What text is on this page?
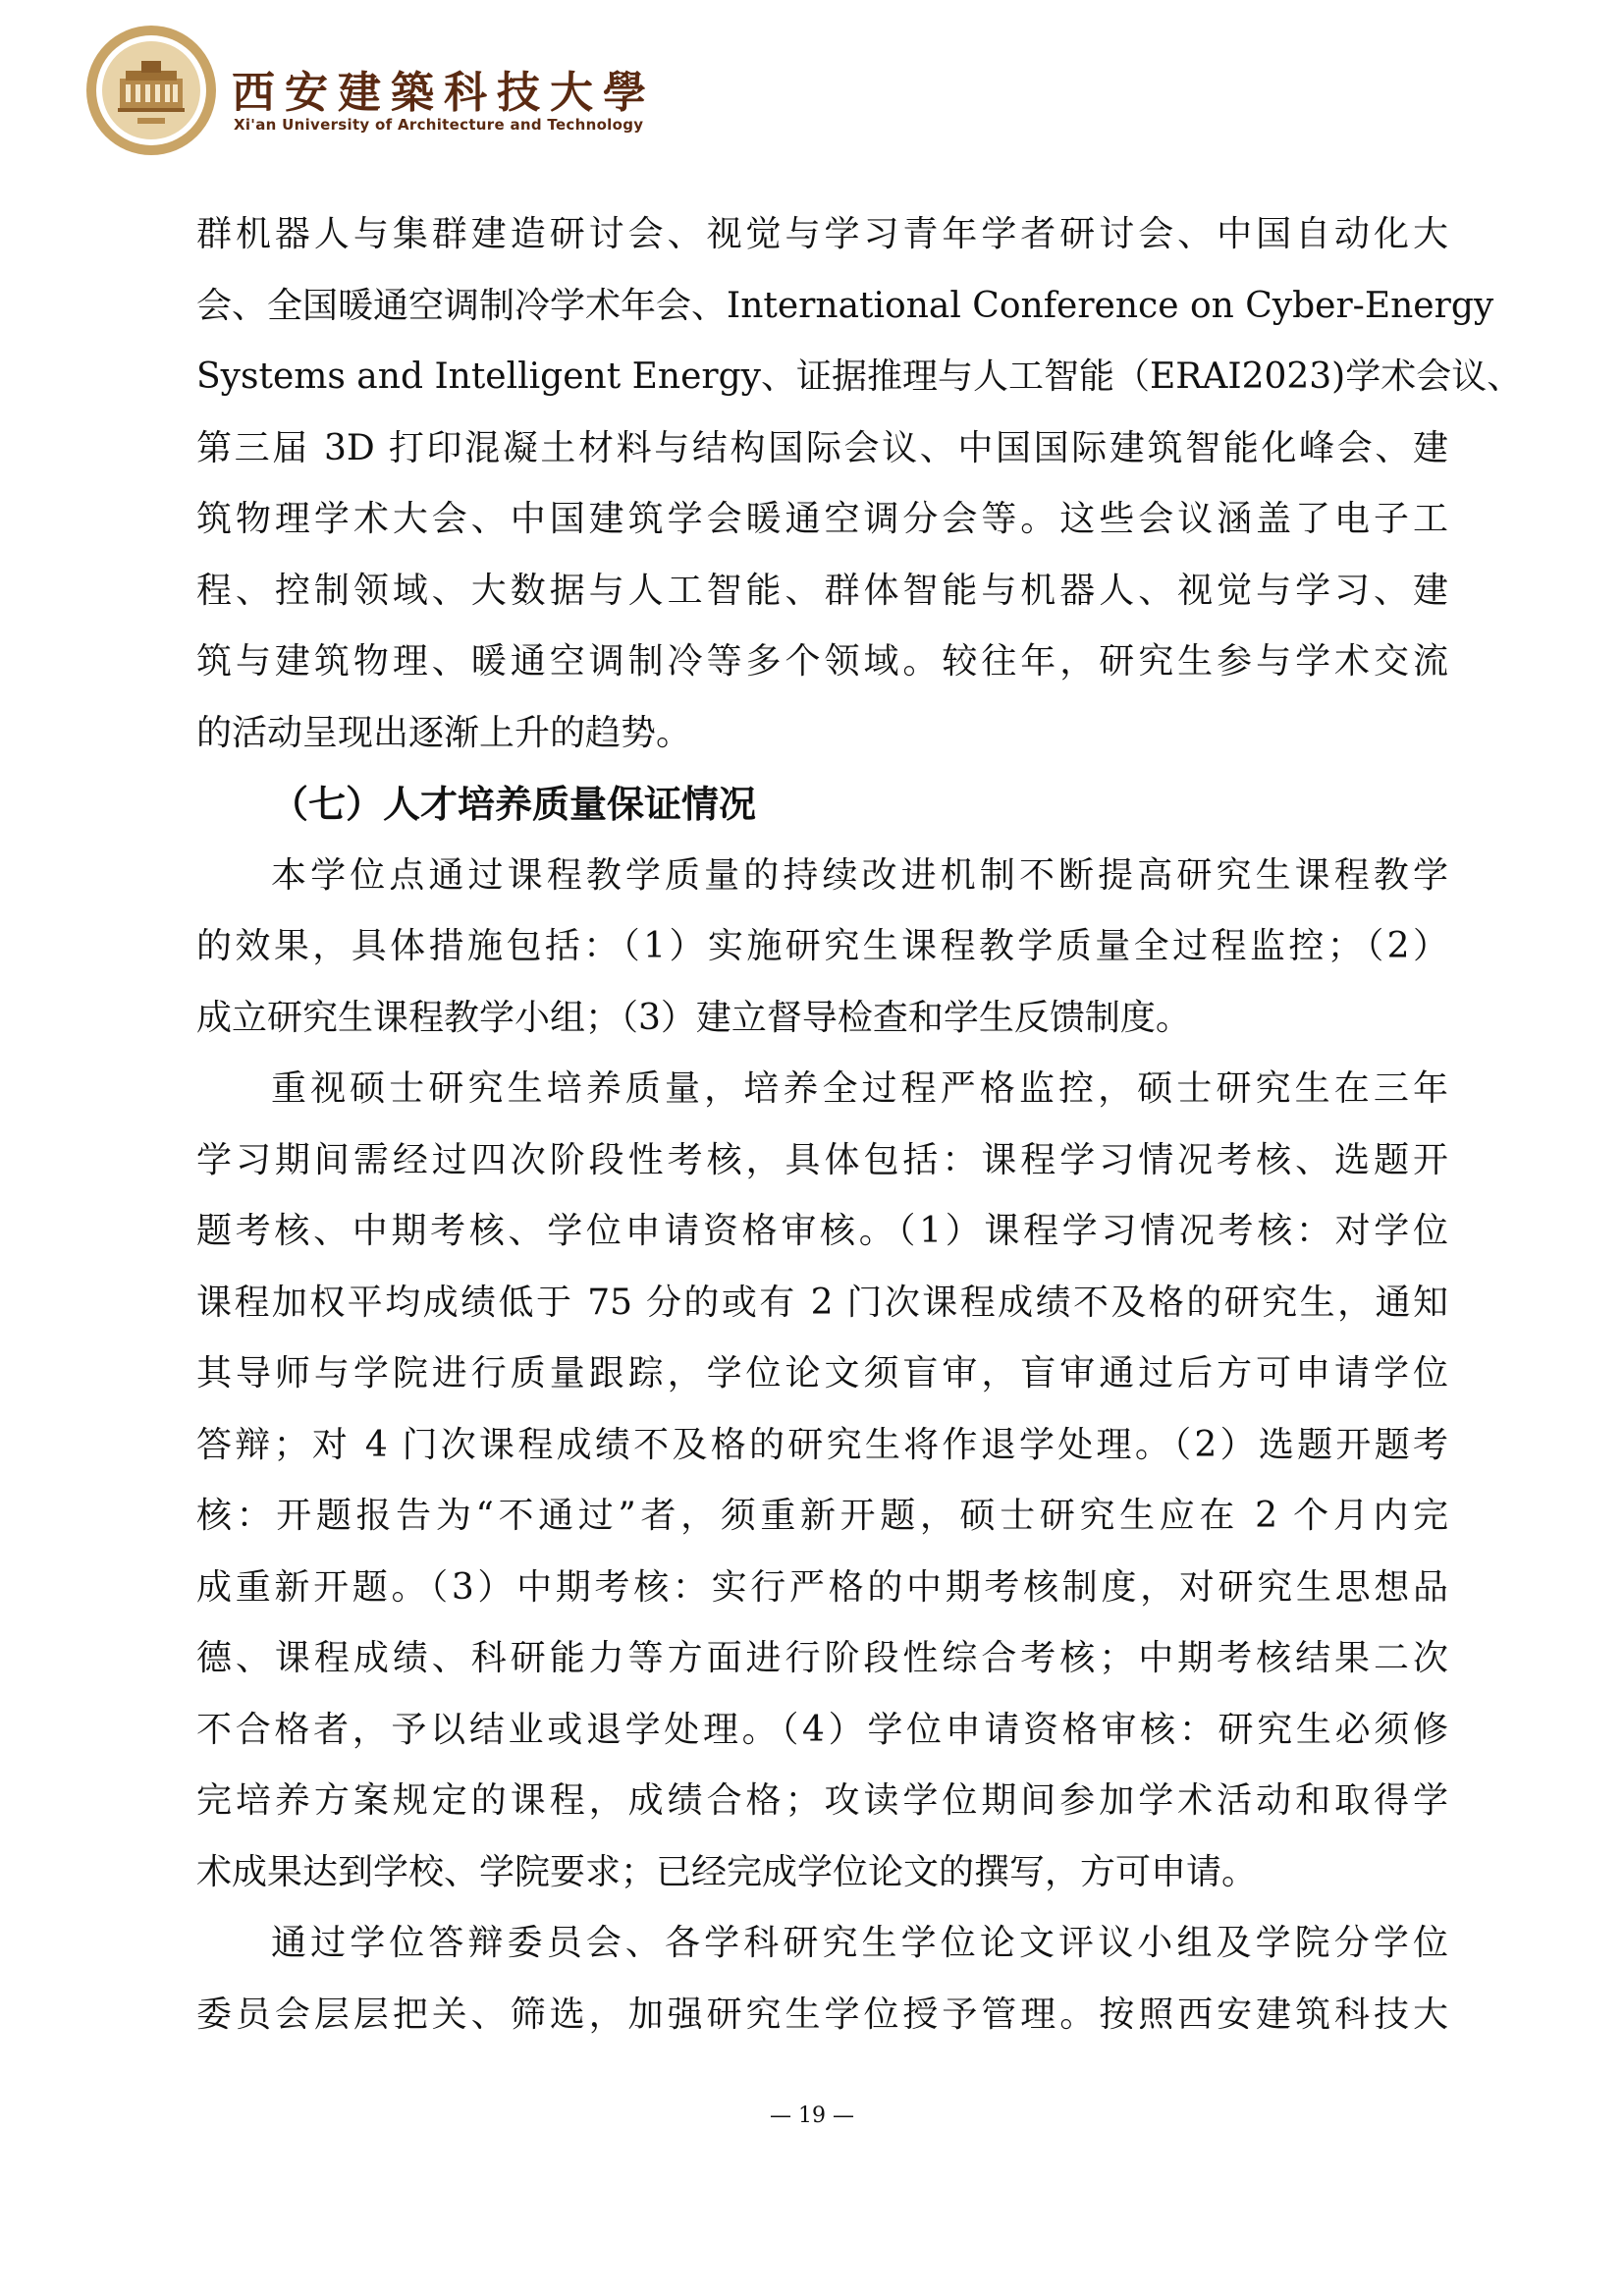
西安建築科技大學
Xi'an University of Architecture and Technology
群机器人与集群建造研讨会、视觉与学习青年学者研讨会、中国自动化大
会、全国暖通空调制冷学术年会、International Conference on Cyber-Energy
Systems and Intelligent Energy、证据推理与人工智能（ERAI2023)学术会议、
第三届 3D 打印混凝土材料与结构国际会议、中国国际建筑智能化峰会、建
筑物理学术大会、中国建筑学会暖通空调分会等。这些会议涵盖了电子工
程、控制领域、大数据与人工智能、群体智能与机器人、视觉与学习、建
筑与建筑物理、暖通空调制冷等多个领域。较往年，研究生参与学术交流
的活动呈现出逐渐上升的趋势。
（七）人才培养质量保证情况
本学位点通过课程教学质量的持续改进机制不断提高研究生课程教学
的效果，具体措施包括：（1）实施研究生课程教学质量全过程监控；（2）
成立研究生课程教学小组；（3）建立督导检查和学生反馈制度。
重视硕士研究生培养质量，培养全过程严格监控，硕士研究生在三年
学习期间需经过四次阶段性考核，具体包括：课程学习情况考核、选题开
题考核、中期考核、学位申请资格审核。（1）课程学习情况考核：对学位
课程加权平均成绩低于 75 分的或有 2 门次课程成绩不及格的研究生，通知
其导师与学院进行质量跟踪，学位论文须盲审，盲审通过后方可申请学位
答辩；对 4 门次课程成绩不及格的研究生将作退学处理。（2）选题开题考
核：开题报告为“不通过”者，须重新开题，硕士研究生应在 2 个月内完
成重新开题。（3）中期考核：实行严格的中期考核制度，对研究生思想品
德、课程成绩、科研能力等方面进行阶段性综合考核；中期考核结果二次
不合格者，予以结业或退学处理。（4）学位申请资格审核：研究生必须修
完培养方案规定的课程，成绩合格；攻读学位期间参加学术活动和取得学
术成果达到学校、学院要求；已经完成学位论文的撰写，方可申请。
通过学位答辩委员会、各学科研究生学位论文评议小组及学院分学位
委员会层层把关、筛选，加强研究生学位授予管理。按照西安建筑科技大
— 19 —
